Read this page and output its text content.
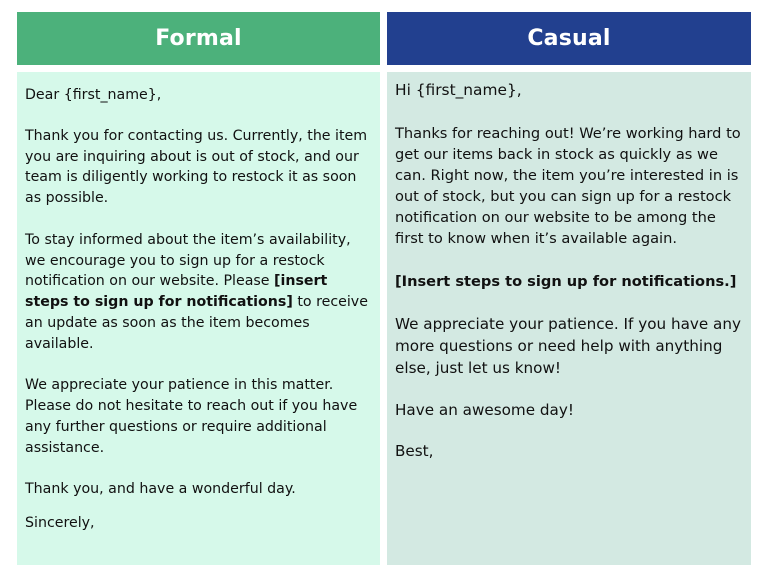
Formal	Casual

Dear {first_name},

Thank you for contacting us. Currently, the item you are inquiring about is out of stock, and our team is diligently working to restock it as soon as possible.

To stay informed about the item’s availability, we encourage you to sign up for a restock notification on our website. Please [insert steps to sign up for notifications] to receive an update as soon as the item becomes available.

We appreciate your patience in this matter. Please do not hesitate to reach out if you have any further questions or require additional assistance.

Thank you, and have a wonderful day.

Sincerely,

Hi {first_name},

Thanks for reaching out! We’re working hard to get our items back in stock as quickly as we can. Right now, the item you’re interested in is out of stock, but you can sign up for a restock notification on our website to be among the first to know when it’s available again.

[Insert steps to sign up for notifications.]

We appreciate your patience. If you have any more questions or need help with anything else, just let us know!

Have an awesome day!

Best,
